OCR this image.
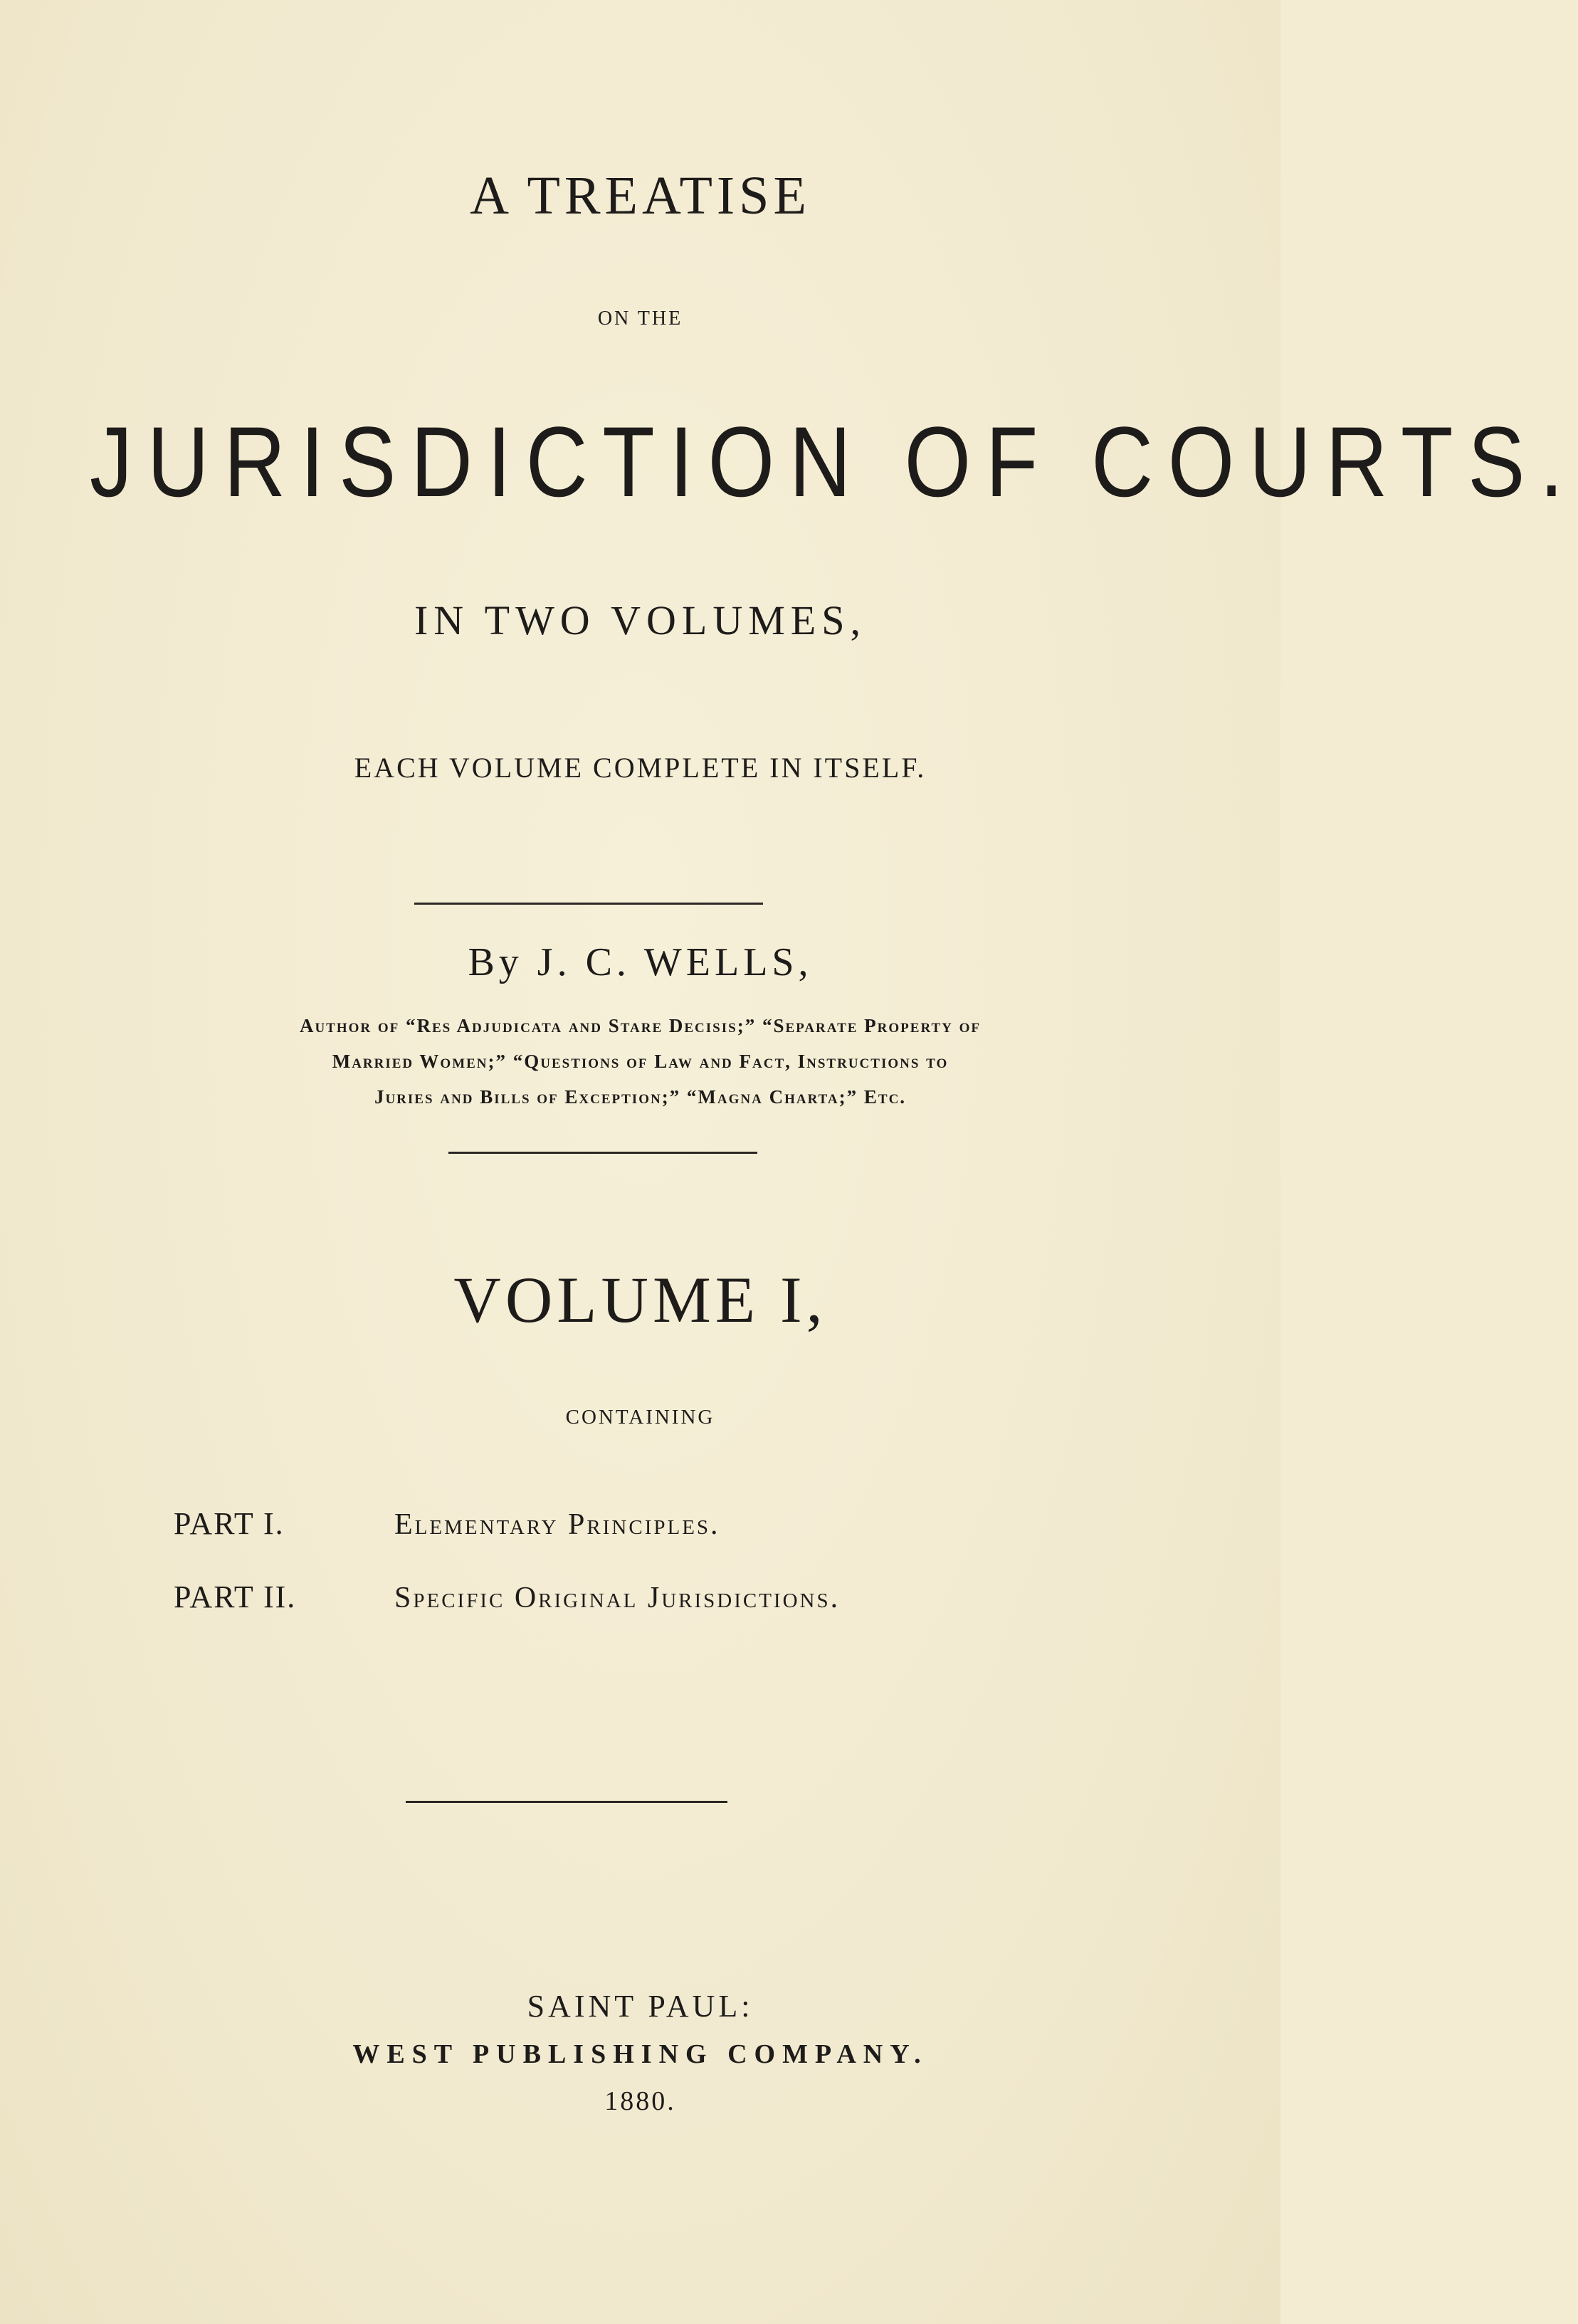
A TREATISE
ON THE
JURISDICTION OF COURTS.
IN TWO VOLUMES,
EACH VOLUME COMPLETE IN ITSELF.
By J. C. WELLS,
Author of “Res Adjudicata and Stare Decisis;” “Separate Property of
Married Women;” “Questions of Law and Fact, Instructions to
Juries and Bills of Exception;” “Magna Charta;” Etc.
VOLUME I,
CONTAINING
PART I.	Elementary Principles.
PART II.	Specific Original Jurisdictions.
SAINT PAUL:
WEST PUBLISHING COMPANY.
1880.
